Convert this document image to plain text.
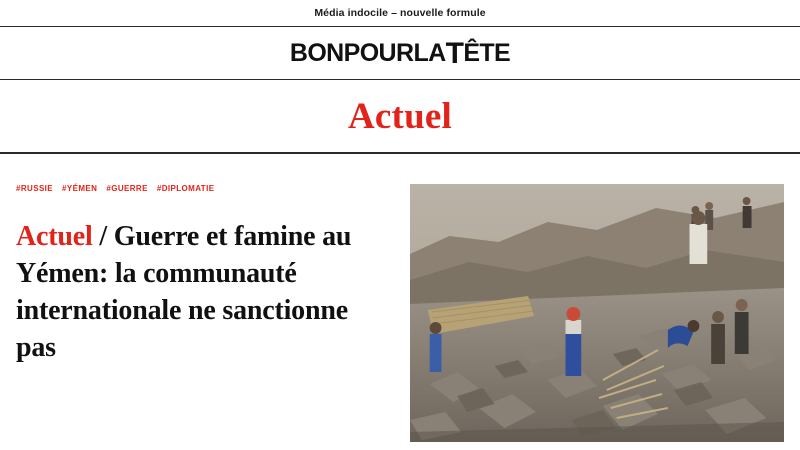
Média indocile – nouvelle formule
BONPOURLATÊTE
Actuel
#RUSSIE #YÉMEN #GUERRE #DIPLOMATIE
Actuel / Guerre et famine au Yémen: la communauté internationale ne sanctionne pas
